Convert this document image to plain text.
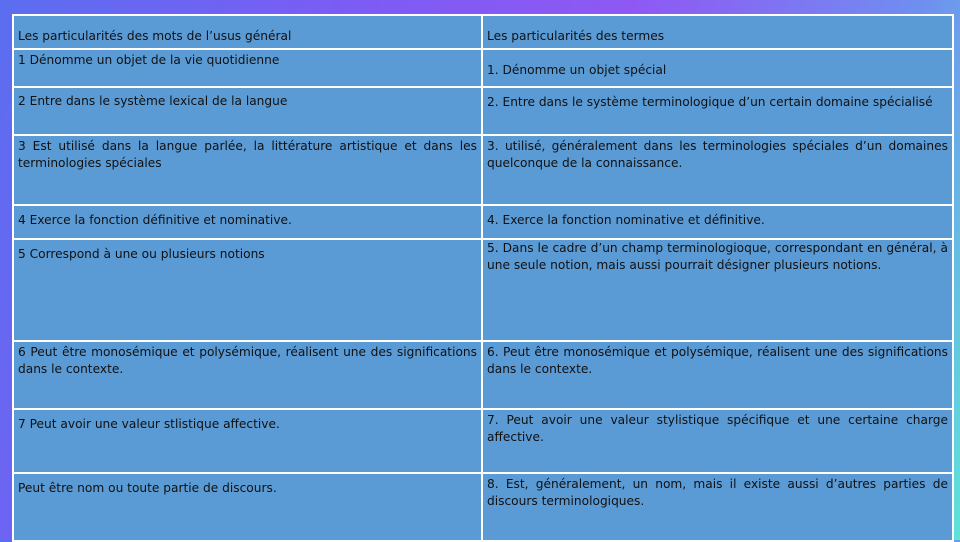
Les particularités des mots de l’usus général	Les particularités des termes
1 Dénomme un objet de la vie quotidienne	1. Dénomme un objet spécial
2 Entre dans le système lexical de la langue	2. Entre dans le système terminologique d’un certain domaine spécialisé
3 Est utilisé dans la langue parlée, la littérature artistique et dans les terminologies spéciales	3. utilisé, généralement dans les terminologies spéciales d’un domaines quelconque de la connaissance.
4 Exerce la fonction définitive et nominative.	4. Exerce la fonction nominative et définitive.
5 Correspond à une ou plusieurs notions	5. Dans le cadre d’un champ terminologioque, correspondant en général, à une seule notion, mais aussi pourrait désigner plusieurs notions.
6 Peut être monosémique et polysémique, réalisent une des significations dans le contexte.	6. Peut être monosémique et polysémique, réalisent une des significations dans le contexte.
7 Peut avoir une valeur stlistique affective.	7. Peut avoir une valeur stylistique spécifique et une certaine charge affective.
Peut être nom ou toute partie de discours.	8. Est, généralement, un nom, mais il existe aussi d’autres parties de discours terminologiques.
